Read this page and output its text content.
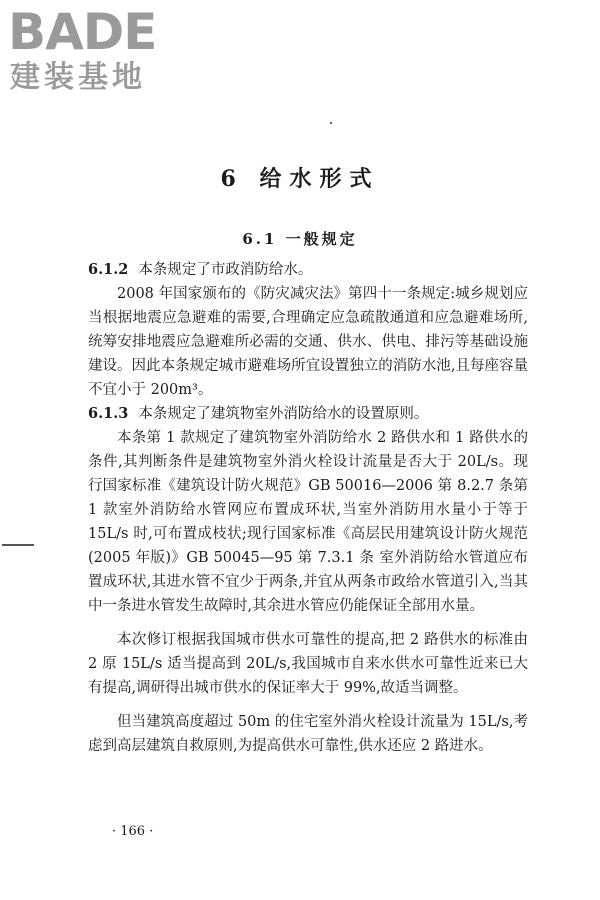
BADE
建装基地
6 给水形式
6.1 一般规定

6.1.2 本条规定了市政消防给水。

2008 年国家颁布的《防灾减灾法》第四十一条规定:城乡规划应当根据地震应急避难的需要,合理确定应急疏散通道和应急避难场所,统筹安排地震应急避难所必需的交通、供水、供电、排污等基础设施建设。因此本条规定城市避难场所宜设置独立的消防水池,且每座容量不宜小于 200m³。

6.1.3 本条规定了建筑物室外消防给水的设置原则。

本条第 1 款规定了建筑物室外消防给水 2 路供水和 1 路供水的条件,其判断条件是建筑物室外消火栓设计流量是否大于 20L/s。现行国家标准《建筑设计防火规范》GB 50016—2006 第 8.2.7 条第 1 款室外消防给水管网应布置成环状,当室外消防用水量小于等于 15L/s 时,可布置成枝状;现行国家标准《高层民用建筑设计防火规范(2005 年版)》GB 50045—95 第 7.3.1 条 室外消防给水管道应布置成环状,其进水管不宜少于两条,并宜从两条市政给水管道引入,当其中一条进水管发生故障时,其余进水管应仍能保证全部用水量。

本次修订根据我国城市供水可靠性的提高,把 2 路供水的标准由 2 原 15L/s 适当提高到 20L/s,我国城市自来水供水可靠性近来已大有提高,调研得出城市供水的保证率大于 99%,故适当调整。

但当建筑高度超过 50m 的住宅室外消火栓设计流量为 15L/s,考虑到高层建筑自救原则,为提高供水可靠性,供水还应 2 路进水。

· 166 ·
